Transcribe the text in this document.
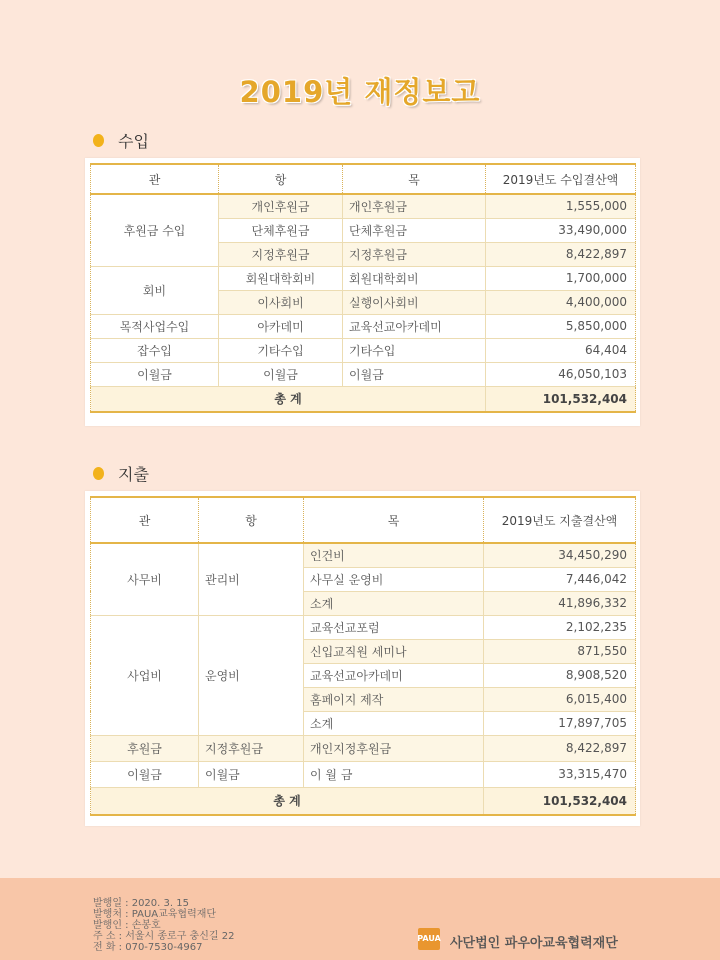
2019년 재정보고
수입
관	항	목	2019년도 수입결산액
후원금 수입	개인후원금	개인후원금	1,555,000
	단체후원금	단체후원금	33,490,000
	지정후원금	지정후원금	8,422,897
회비	회원대학회비	회원대학회비	1,700,000
	이사회비	실행이사회비	4,400,000
목적사업수입	아카데미	교육선교아카데미	5,850,000
잡수입	기타수입	기타수입	64,404
이월금	이월금	이월금	46,050,103
총 계			101,532,404
지출
관	항	목	2019년도 지출결산액
사무비	관리비	인건비	34,450,290
		사무실 운영비	7,446,042
		소계	41,896,332
사업비	운영비	교육선교포럼	2,102,235
		신입교직원 세미나	871,550
		교육선교아카데미	8,908,520
		홈페이지 제작	6,015,400
		소계	17,897,705
후원금	지정후원금	개인지정후원금	8,422,897
이월금	이월금	이 월 금	33,315,470
총 계			101,532,404
발행일 : 2020. 3. 15
발행처 : PAUA교육협력재단
발행인 : 손봉호
주 소 : 서울시 종로구 충신길 22
전 화 : 070-7530-4967
PAUA 사단법인 파우아교육협력재단
